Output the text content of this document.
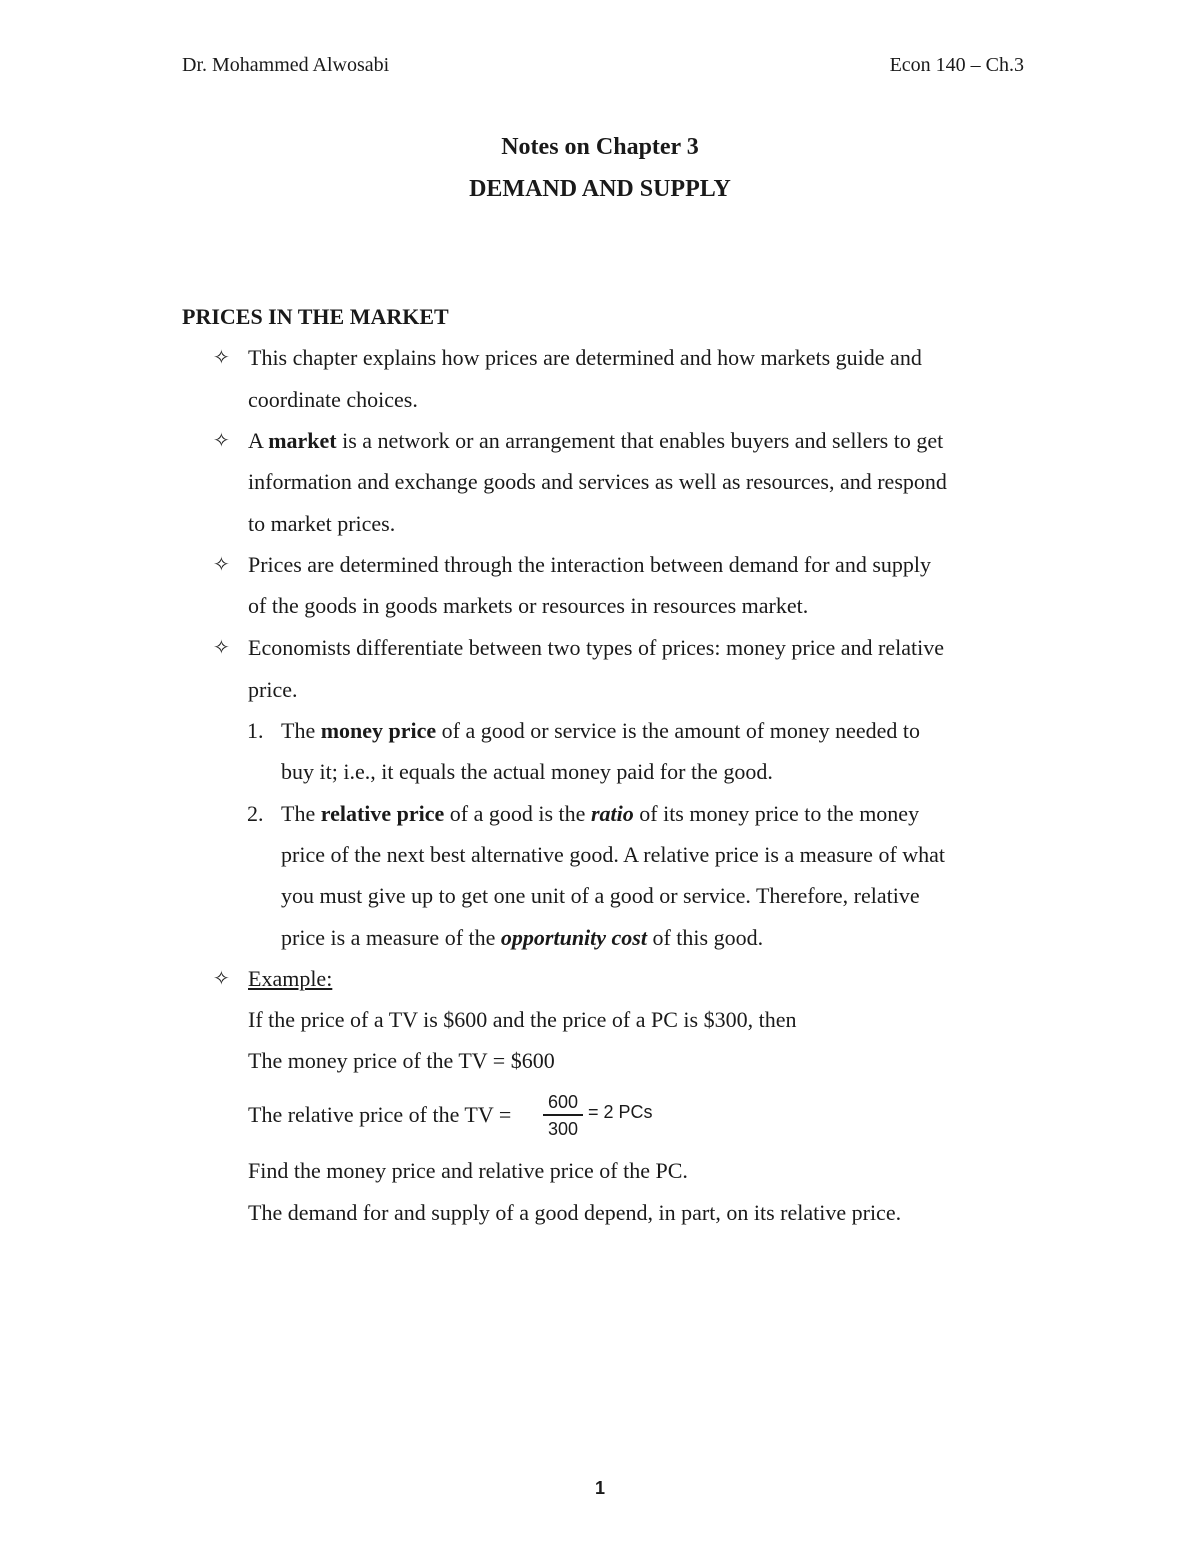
Dr. Mohammed Alwosabi	Econ 140 – Ch.3
Notes on Chapter 3
DEMAND AND SUPPLY
PRICES IN THE MARKET
✧ This chapter explains how prices are determined and how markets guide and
coordinate choices.
✧ A market is a network or an arrangement that enables buyers and sellers to get
information and exchange goods and services as well as resources, and respond
to market prices.
✧ Prices are determined through the interaction between demand for and supply
of the goods in goods markets or resources in resources market.
✧ Economists differentiate between two types of prices: money price and relative
price.
1. The money price of a good or service is the amount of money needed to
buy it; i.e., it equals the actual money paid for the good.
2. The relative price of a good is the ratio of its money price to the money
price of the next best alternative good. A relative price is a measure of what
you must give up to get one unit of a good or service. Therefore, relative
price is a measure of the opportunity cost of this good.
✧ Example:
If the price of a TV is $600 and the price of a PC is $300, then
The money price of the TV = $600
The relative price of the TV = 600
300
= 2 PCs
Find the money price and relative price of the PC.
The demand for and supply of a good depend, in part, on its relative price.
1
